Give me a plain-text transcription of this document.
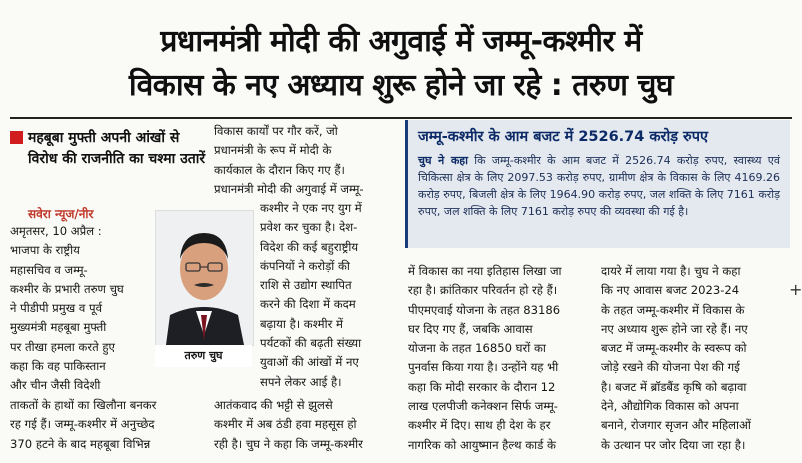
प्रधानमंत्री मोदी की अगुवाई में जम्मू-कश्मीर में
विकास के नए अध्याय शुरू होने जा रहे : तरुण चुघ
महबूबा मुफ्ती अपनी आंखों से विरोध की राजनीति का चश्मा उतारें
सवेरा न्यूज/नीर

अमृतसर, 10 अप्रैल :

भाजपा के राष्ट्रीय

महासचिव व जम्मू-

कश्मीर के प्रभारी तरुण चुघ

ने पीडीपी प्रमुख व पूर्व

मुख्यमंत्री महबूबा मुफ्ती

पर तीखा हमला करते हुए

कहा कि वह पाकिस्तान

और चीन जैसी विदेशी

ताकतों के हाथों का खिलौना बनकर

रह गई हैं। जम्मू-कश्मीर में अनुच्छेद

370 हटने के बाद महबूबा विभिन्न

तरुण चुघ

विकास कार्यों पर गौर करें, जो

प्रधानमंत्री के रूप में मोदी के

कार्यकाल के दौरान किए गए हैं।

प्रधानमंत्री मोदी की अगुवाई में जम्मू-

कश्मीर ने एक नए युग में

प्रवेश कर चुका है। देश-

विदेश की कई बहुराष्ट्रीय

कंपनियों ने करोड़ों की

राशि से उद्योग स्थापित

करने की दिशा में कदम

बढ़ाया है। कश्मीर में

पर्यटकों की बढ़ती संख्या

युवाओं की आंखों में नए

सपने लेकर आई है।

आतंकवाद की भट्टी से झुलसे

कश्मीर में अब ठंडी हवा महसूस हो

रही है। चुघ ने कहा कि जम्मू-कश्मीर

जम्मू-कश्मीर के आम बजट में 2526.74 करोड़ रुपए
चुघ ने कहा कि जम्मू-कश्मीर के आम बजट में 2526.74 करोड़ रुपए, स्वास्थ्य एवं चिकित्सा क्षेत्र के लिए 2097.53 करोड़ रुपए, ग्रामीण क्षेत्र के विकास के लिए 4169.26 करोड़ रुपए, बिजली क्षेत्र के लिए 1964.90 करोड़ रुपए, जल शक्ति के लिए 7161 करोड़ रुपए, जल शक्ति के लिए 7161 करोड़ रुपए की व्यवस्था की गई है।

में विकास का नया इतिहास लिखा जा

रहा है। क्रांतिकार परिवर्तन हो रहे हैं।

पीएमएवाई योजना के तहत 83186

घर दिए गए हैं, जबकि आवास

योजना के तहत 16850 घरों का

पुनर्वास किया गया है। उन्होंने यह भी

कहा कि मोदी सरकार के दौरान 12

लाख एलपीजी कनेक्शन सिर्फ जम्मू-

कश्मीर में दिए। साथ ही देश के हर

नागरिक को आयुष्मान हैल्थ कार्ड के

दायरे में लाया गया है। चुघ ने कहा

कि नए आवास बजट 2023-24

के तहत जम्मू-कश्मीर में विकास के

नए अध्याय शुरू होने जा रहे हैं। नए

बजट में जम्मू-कश्मीर के स्वरूप को

जोड़े रखने की योजना पेश की गई

है। बजट में ब्रॉडबैंड कृषि को बढ़ावा

देने, औद्योगिक विकास को अपना

बनाने, रोजगार सृजन और महिलाओं

के उत्थान पर जोर दिया जा रहा है।

+
